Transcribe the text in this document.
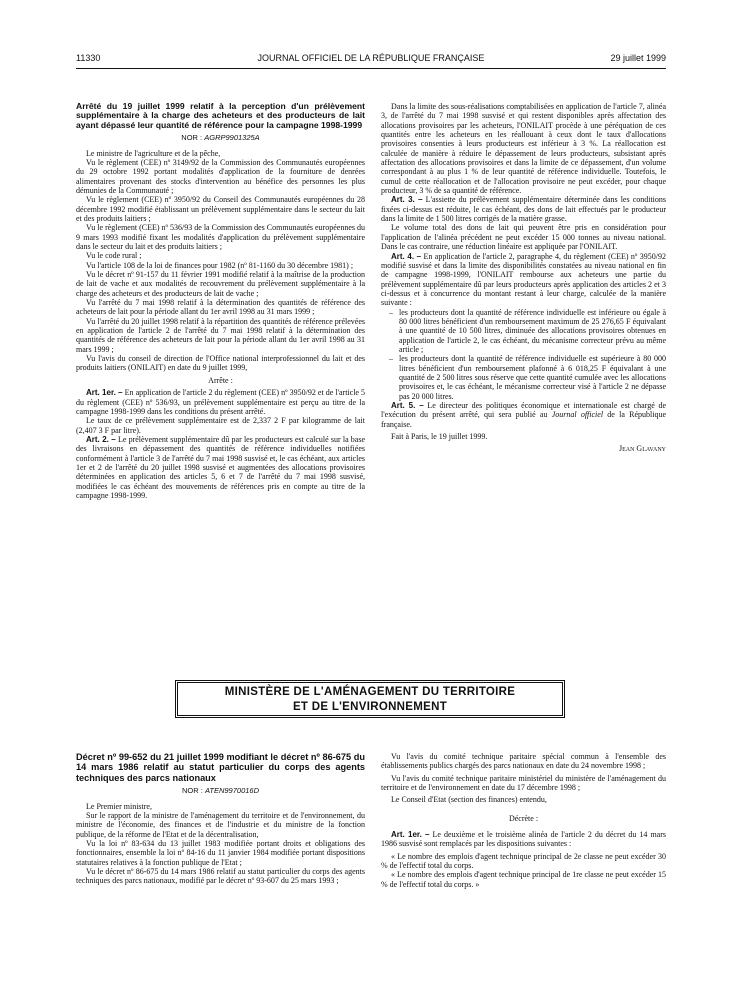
11330	JOURNAL OFFICIEL DE LA RÉPUBLIQUE FRANÇAISE	29 juillet 1999
Arrêté du 19 juillet 1999 relatif à la perception d'un prélèvement supplémentaire à la charge des acheteurs et des producteurs de lait ayant dépassé leur quantité de référence pour la campagne 1998-1999
NOR : AGRP9901325A

Le ministre de l'agriculture et de la pêche,

Vu le règlement (CEE) nº 3149/92 de la Commission des Communautés européennes du 29 octobre 1992 portant modalités d'application de la fourniture de denrées alimentaires provenant des stocks d'intervention au bénéfice des personnes les plus démunies de la Communauté ;

Vu le règlement (CEE) nº 3950/92 du Conseil des Communautés européennes du 28 décembre 1992 modifié établissant un prélèvement supplémentaire dans le secteur du lait et des produits laitiers ;

Vu le règlement (CEE) nº 536/93 de la Commission des Communautés européennes du 9 mars 1993 modifié fixant les modalités d'application du prélèvement supplémentaire dans le secteur du lait et des produits laitiers ;

Vu le code rural ;

Vu l'article 108 de la loi de finances pour 1982 (nº 81-1160 du 30 décembre 1981) ;

Vu le décret nº 91-157 du 11 février 1991 modifié relatif à la maîtrise de la production de lait de vache et aux modalités de recouvrement du prélèvement supplémentaire à la charge des acheteurs et des producteurs de lait de vache ;

Vu l'arrêté du 7 mai 1998 relatif à la détermination des quantités de référence des acheteurs de lait pour la période allant du 1er avril 1998 au 31 mars 1999 ;

Vu l'arrêté du 20 juillet 1998 relatif à la répartition des quantités de référence prélevées en application de l'article 2 de l'arrêté du 7 mai 1998 relatif à la détermination des quantités de référence des acheteurs de lait pour la période allant du 1er avril 1998 au 31 mars 1999 ;

Vu l'avis du conseil de direction de l'Office national interprofessionnel du lait et des produits laitiers (ONILAIT) en date du 9 juillet 1999,

Arrête :

Art. 1er. – En application de l'article 2 du règlement (CEE) nº 3950/92 et de l'article 5 du règlement (CEE) nº 536/93, un prélèvement supplémentaire est perçu au titre de la campagne 1998-1999 dans les conditions du présent arrêté.

Le taux de ce prélèvement supplémentaire est de 2,337 2 F par kilogramme de lait (2,407 3 F par litre).

Art. 2. – Le prélèvement supplémentaire dû par les producteurs est calculé sur la base des livraisons en dépassement des quantités de référence individuelles notifiées conformément à l'article 3 de l'arrêté du 7 mai 1998 susvisé et, le cas échéant, aux articles 1er et 2 de l'arrêté du 20 juillet 1998 susvisé et augmentées des allocations provisoires déterminées en application des articles 5, 6 et 7 de l'arrêté du 7 mai 1998 susvisé, modifiées le cas échéant des mouvements de références pris en compte au titre de la campagne 1998-1999.

Dans la limite des sous-réalisations comptabilisées en application de l'article 7, alinéa 3, de l'arrêté du 7 mai 1998 susvisé et qui restent disponibles après affectation des allocations provisoires par les acheteurs, l'ONILAIT procède à une péréquation de ces quantités entre les acheteurs en les réallouant à ceux dont le taux d'allocations provisoires consenties à leurs producteurs est inférieur à 3 %. La réallocation est calculée de manière à réduire le dépassement de leurs producteurs, subsistant après affectation des allocations provisoires et dans la limite de ce dépassement, d'un volume correspondant à au plus 1 % de leur quantité de référence individuelle. Toutefois, le cumul de cette réallocation et de l'allocation provisoire ne peut excéder, pour chaque producteur, 3 % de sa quantité de référence.

Art. 3. – L'assiette du prélèvement supplémentaire déterminée dans les conditions fixées ci-dessus est réduite, le cas échéant, des dons de lait effectués par le producteur dans la limite de 1 500 litres corrigés de la matière grasse.

Le volume total des dons de lait qui peuvent être pris en considération pour l'application de l'alinéa précédent ne peut excéder 15 000 tonnes au niveau national. Dans le cas contraire, une réduction linéaire est appliquée par l'ONILAIT.

Art. 4. – En application de l'article 2, paragraphe 4, du règlement (CEE) nº 3950/92 modifié susvisé et dans la limite des disponibilités constatées au niveau national en fin de campagne 1998-1999, l'ONILAIT rembourse aux acheteurs une partie du prélèvement supplémentaire dû par leurs producteurs après application des articles 2 et 3 ci-dessus et à concurrence du montant restant à leur charge, calculée de la manière suivante :

– les producteurs dont la quantité de référence individuelle est inférieure ou égale à 80 000 litres bénéficient d'un remboursement maximum de 25 276,65 F équivalant à une quantité de 10 500 litres, diminuée des allocations provisoires obtenues en application de l'article 2, le cas échéant, du mécanisme correcteur prévu au même article ;
– les producteurs dont la quantité de référence individuelle est supérieure à 80 000 litres bénéficient d'un remboursement plafonné à 6 018,25 F équivalant à une quantité de 2 500 litres sous réserve que cette quantité cumulée avec les allocations provisoires et, le cas échéant, le mécanisme correcteur visé à l'article 2 ne dépasse pas 20 000 litres.

Art. 5. – Le directeur des politiques économique et internationale est chargé de l'exécution du présent arrêté, qui sera publié au Journal officiel de la République française.

Fait à Paris, le 19 juillet 1999.

Jean Glavany

MINISTÈRE DE L'AMÉNAGEMENT DU TERRITOIRE
ET DE L'ENVIRONNEMENT
Décret nº 99-652 du 21 juillet 1999 modifiant le décret nº 86-675 du 14 mars 1986 relatif au statut particulier du corps des agents techniques des parcs nationaux
NOR : ATEN9970016D

Le Premier ministre,

Sur le rapport de la ministre de l'aménagement du territoire et de l'environnement, du ministre de l'économie, des finances et de l'industrie et du ministre de la fonction publique, de la réforme de l'Etat et de la décentralisation,

Vu la loi nº 83-634 du 13 juillet 1983 modifiée portant droits et obligations des fonctionnaires, ensemble la loi nº 84-16 du 11 janvier 1984 modifiée portant dispositions statutaires relatives à la fonction publique de l'Etat ;

Vu le décret nº 86-675 du 14 mars 1986 relatif au statut particulier du corps des agents techniques des parcs nationaux, modifié par le décret nº 93-607 du 25 mars 1993 ;

Vu l'avis du comité technique paritaire spécial commun à l'ensemble des établissements publics chargés des parcs nationaux en date du 24 novembre 1998 ;

Vu l'avis du comité technique paritaire ministériel du ministère de l'aménagement du territoire et de l'environnement en date du 17 décembre 1998 ;

Le Conseil d'Etat (section des finances) entendu,

Décrète :

Art. 1er. – Le deuxième et le troisième alinéa de l'article 2 du décret du 14 mars 1986 susvisé sont remplacés par les dispositions suivantes :

« Le nombre des emplois d'agent technique principal de 2e classe ne peut excéder 30 % de l'effectif total du corps.

« Le nombre des emplois d'agent technique principal de 1re classe ne peut excéder 15 % de l'effectif total du corps. »
